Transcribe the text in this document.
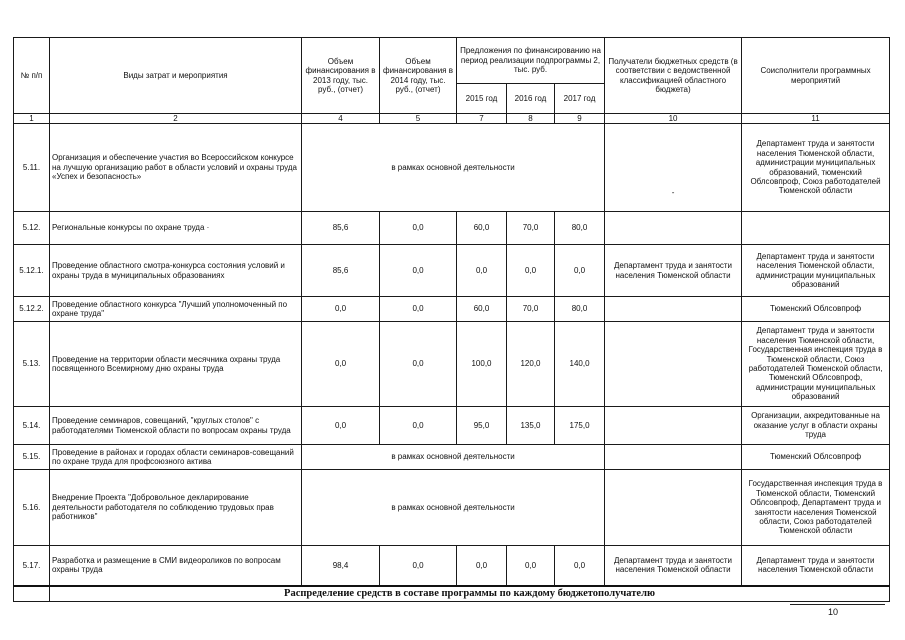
№ п/п	Виды затрат и мероприятия	Объем финансирования в 2013 году, тыс. руб., (отчет)	Объем финансирования в 2014 году, тыс. руб., (отчет)	Предложения по финансированию на период реализации подпрограммы 2, тыс. руб.			Получатели бюджетных средств (в соответствии с ведомственной классификацией областного бюджета)	Соисполнители программных мероприятий
				2015 год	2016 год	2017 год		
1	2	4	5	7	8	9	10	11
5.11.	Организация и обеспечение участия во Всероссийском конкурсе на лучшую организацию работ в области условий и охраны труда «Успех и безопасность»	в рамках основной деятельности					-	Департамент труда и занятости населения Тюменской области, администрации муниципальных образований, тюменский Облсовпроф, Союз работодателей Тюменской области
5.12.	Региональные конкурсы по охране труда ·	85,6	0,0	60,0	70,0	80,0		
5.12.1.	Проведение областного смотра-конкурса состояния условий и охраны труда в муниципальных образованиях	85,6	0,0	0,0	0,0	0,0	Департамент труда и занятости населения Тюменской области	Департамент труда и занятости населения Тюменской области, администрации муниципальных образований
5.12.2.	Проведение областного конкурса "Лучший уполномоченный по охране труда"	0,0	0,0	60,0	70,0	80,0		Тюменский Облсовпроф
5.13.	Проведение на территории области месячника охраны труда посвященного Всемирному дню охраны труда	0,0	0,0	100,0	120,0	140,0		Департамент труда и занятости населения Тюменской области, Государственная инспекция труда в Тюменской области, Союз работодателей Тюменской области, Тюменский Облсовпроф, администрации муниципальных образований
5.14.	Проведение семинаров, совещаний, "круглых столов" с работодателями Тюменской области по вопросам охраны труда	0,0	0,0	95,0	135,0	175,0		Организации, аккредитованные на оказание услуг в области охраны труда
5.15.	Проведение в районах и городах области семинаров-совещаний по охране труда для профсоюзного актива	в рамках основной деятельности						Тюменский Облсовпроф
5.16.	Внедрение Проекта "Добровольное декларирование деятельности работодателя по соблюдению трудовых прав работников"	в рамках основной деятельности						Государственная инспекция труда в Тюменской области, Тюменский Облсовпроф, Департамент труда и занятости населения Тюменской области, Союз работодателей Тюменской области
5.17.	Разработка и размещение в СМИ видеороликов по вопросам охраны труда	98,4	0,0	0,0	0,0	0,0	Департамент труда и занятости населения Тюменской области	Департамент труда и занятости населения Тюменской области
	Распределение средств в составе программы по каждому бюджетополучателю							
10
